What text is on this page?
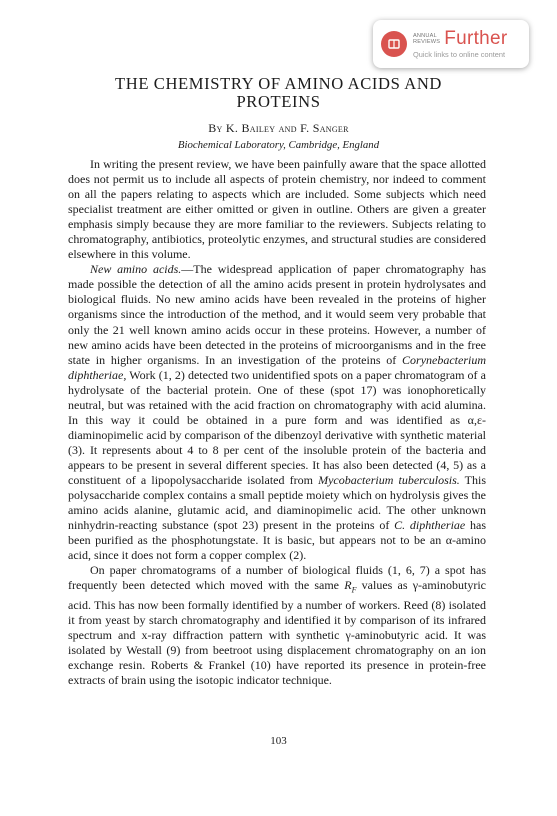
ANNUAL
REVIEWS Further
Quick links to online content
THE CHEMISTRY OF AMINO ACIDS AND
PROTEINS

By K. Bailey and F. Sanger

Biochemical Laboratory, Cambridge, England

In writing the present review, we have been painfully aware that the space allotted does not permit us to include all aspects of protein chemistry, nor indeed to comment on all the papers relating to aspects which are included. Some subjects which need specialist treatment are either omitted or given in outline. Others are given a greater emphasis simply because they are more familiar to the reviewers. Subjects relating to chromatography, antibiotics, proteolytic enzymes, and structural studies are considered elsewhere in this volume.

New amino acids.—The widespread application of paper chromatography has made possible the detection of all the amino acids present in protein hydrolysates and biological fluids. No new amino acids have been revealed in the proteins of higher organisms since the introduction of the method, and it would seem very probable that only the 21 well known amino acids occur in these proteins. However, a number of new amino acids have been detected in the proteins of microorganisms and in the free state in higher organisms. In an investigation of the proteins of Corynebacterium diphtheriae, Work (1, 2) detected two unidentified spots on a paper chromatogram of a hydrolysate of the bacterial protein. One of these (spot 17) was ionophoretically neutral, but was retained with the acid fraction on chromatography with acid alumina. In this way it could be obtained in a pure form and was identified as α,ε-diaminopimelic acid by comparison of the dibenzoyl derivative with synthetic material (3). It represents about 4 to 8 per cent of the insoluble protein of the bacteria and appears to be present in several different species. It has also been detected (4, 5) as a constituent of a lipopolysaccharide isolated from Mycobacterium tuberculosis. This polysaccharide complex contains a small peptide moiety which on hydrolysis gives the amino acids alanine, glutamic acid, and diaminopimelic acid. The other unknown ninhydrin-reacting substance (spot 23) present in the proteins of C. diphtheriae has been purified as the phosphotungstate. It is basic, but appears not to be an α-amino acid, since it does not form a copper complex (2).

On paper chromatograms of a number of biological fluids (1, 6, 7) a spot has frequently been detected which moved with the same $R_F$ values as γ-aminobutyric acid. This has now been formally identified by a number of workers. Reed (8) isolated it from yeast by starch chromatography and identified it by comparison of its infrared spectrum and x-ray diffraction pattern with synthetic γ-aminobutyric acid. It was isolated by Westall (9) from beetroot using displacement chromatography on an ion exchange resin. Roberts & Frankel (10) have reported its presence in protein-free extracts of brain using the isotopic indicator technique.

103
